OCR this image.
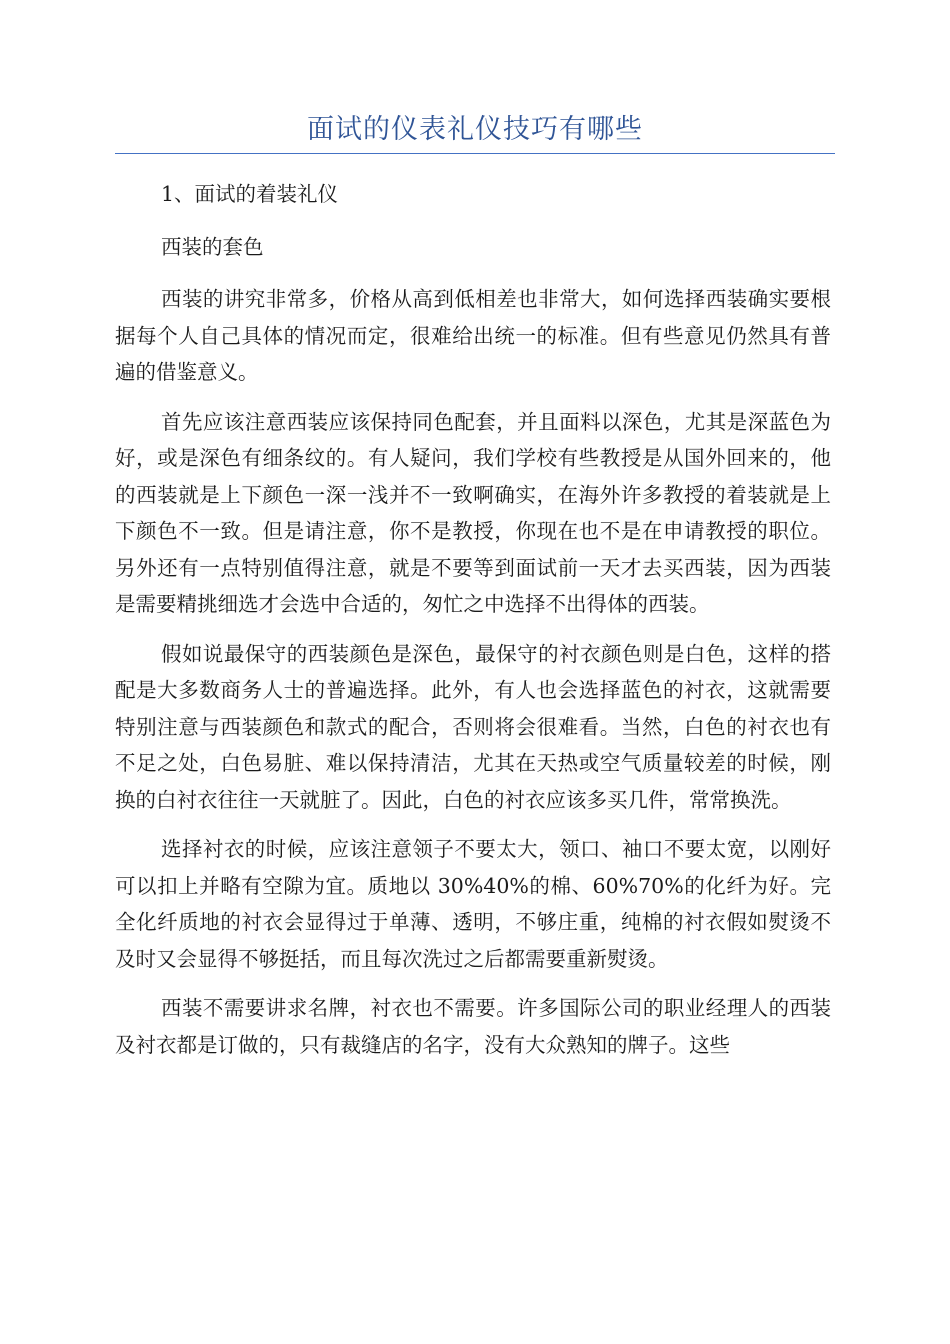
面试的仪表礼仪技巧有哪些

1、面试的着装礼仪

西装的套色

西装的讲究非常多，价格从高到低相差也非常大，如何选择西装确实要根据每个人自己具体的情况而定，很难给出统一的标准。但有些意见仍然具有普遍的借鉴意义。

首先应该注意西装应该保持同色配套，并且面料以深色，尤其是深蓝色为好，或是深色有细条纹的。有人疑问，我们学校有些教授是从国外回来的，他的西装就是上下颜色一深一浅并不一致啊确实，在海外许多教授的着装就是上下颜色不一致。但是请注意，你不是教授，你现在也不是在申请教授的职位。另外还有一点特别值得注意，就是不要等到面试前一天才去买西装，因为西装是需要精挑细选才会选中合适的，匆忙之中选择不出得体的西装。

假如说最保守的西装颜色是深色，最保守的衬衣颜色则是白色，这样的搭配是大多数商务人士的普遍选择。此外，有人也会选择蓝色的衬衣，这就需要特别注意与西装颜色和款式的配合，否则将会很难看。当然，白色的衬衣也有不足之处，白色易脏、难以保持清洁，尤其在天热或空气质量较差的时候，刚换的白衬衣往往一天就脏了。因此，白色的衬衣应该多买几件，常常换洗。

选择衬衣的时候，应该注意领子不要太大，领口、袖口不要太宽，以刚好可以扣上并略有空隙为宜。质地以 30%40%的棉、60%70%的化纤为好。完全化纤质地的衬衣会显得过于单薄、透明，不够庄重，纯棉的衬衣假如熨烫不及时又会显得不够挺括，而且每次洗过之后都需要重新熨烫。

西装不需要讲求名牌，衬衣也不需要。许多国际公司的职业经理人的西装及衬衣都是订做的，只有裁缝店的名字，没有大众熟知的牌子。这些
